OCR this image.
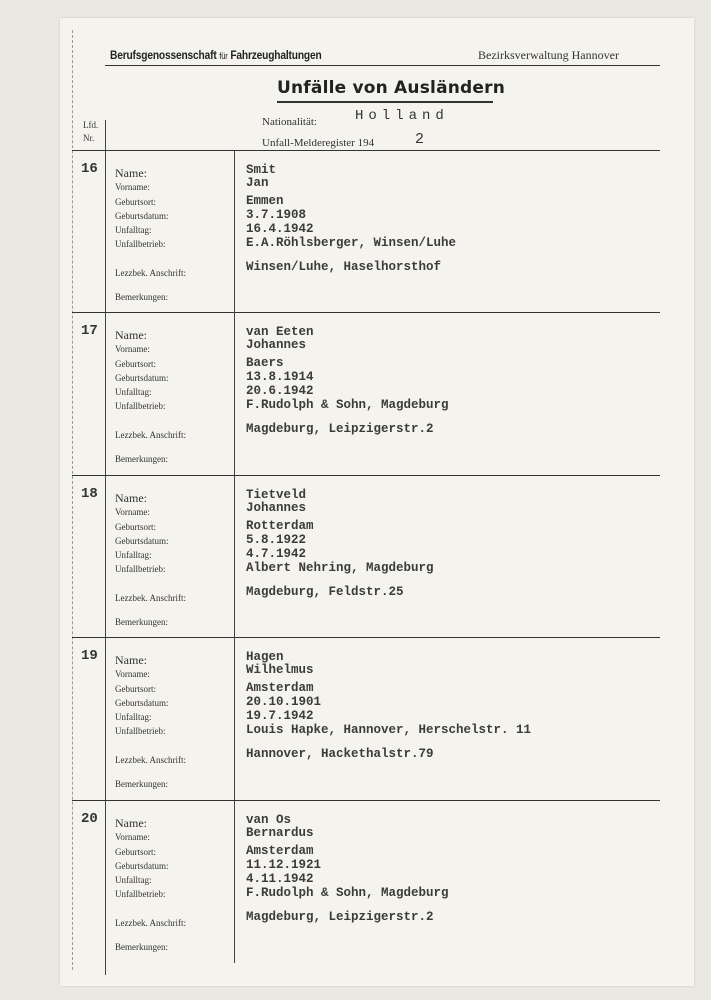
Berufsgenossenschaft für Fahrzeughaltungen	Bezirksverwaltung Hannover
Unfälle von Ausländern
Lfd.
Nr.
Nationalität:	Holland
Unfall-Melderegister 194	2
16 Name:	Smit
Vorname:	Jan
Geburtsort:	Emmen
Geburtsdatum:	3.7.1908
Unfalltag:	16.4.1942
Unfallbetrieb:	E.A.Röhlsberger, Winsen/Luhe
Lezzbek. Anschrift:	Winsen/Luhe, Haselhorsthof
Bemerkungen:
17 Name:	van Eeten
Vorname:	Johannes
Geburtsort:	Baers
Geburtsdatum:	13.8.1914
Unfalltag:	20.6.1942
Unfallbetrieb:	F.Rudolph & Sohn, Magdeburg
Lezzbek. Anschrift:	Magdeburg, Leipzigerstr.2
Bemerkungen:
18 Name:	Tietveld
Vorname:	Johannes
Geburtsort:	Rotterdam
Geburtsdatum:	5.8.1922
Unfalltag:	4.7.1942
Unfallbetrieb:	Albert Nehring, Magdeburg
Lezzbek. Anschrift:	Magdeburg, Feldstr.25
Bemerkungen:
19 Name:	Hagen
Vorname:	Wilhelmus
Geburtsort:	Amsterdam
Geburtsdatum:	20.10.1901
Unfalltag:	19.7.1942
Unfallbetrieb:	Louis Hapke, Hannover, Herschelstr. 11
Lezzbek. Anschrift:	Hannover, Hackethalstr.79
Bemerkungen:
20 Name:	van Os
Vorname:	Bernardus
Geburtsort:	Amsterdam
Geburtsdatum:	11.12.1921
Unfalltag:	4.11.1942
Unfallbetrieb:	F.Rudolph & Sohn, Magdeburg
Lezzbek. Anschrift:	Magdeburg, Leipzigerstr.2
Bemerkungen:
